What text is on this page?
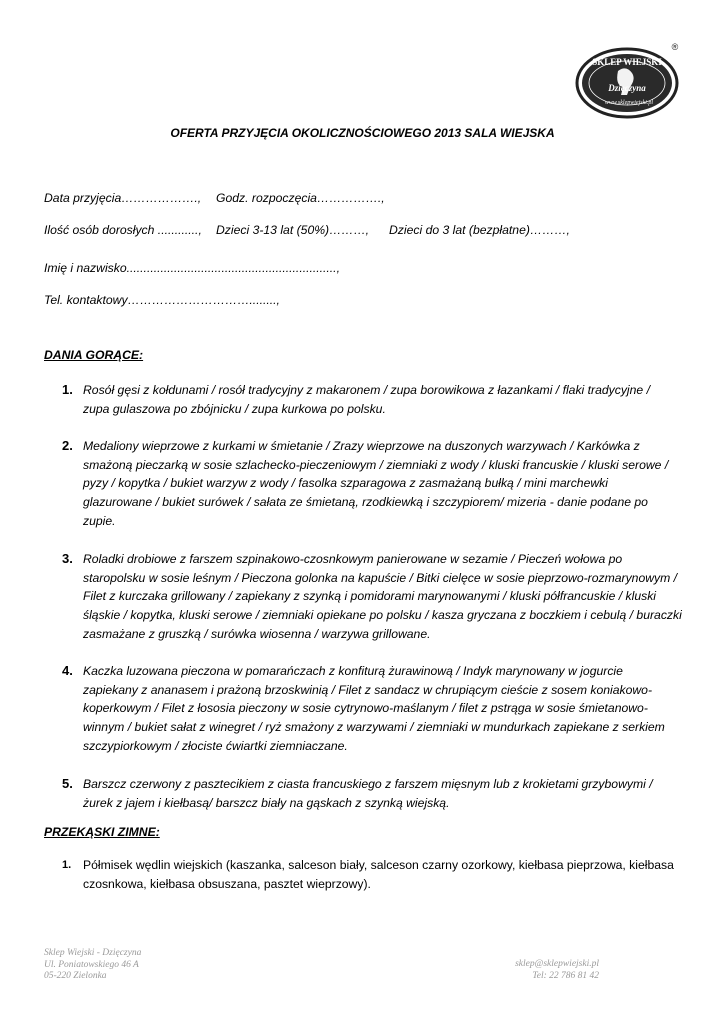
SKLEP WIEJSKI
Dzięczyna
www.sklepwiejski.pl
®
OFERTA PRZYJĘCIA OKOLICZNOŚCIOWEGO 2013 SALA WIEJSKA
Data przyjęcia………………., Godz. rozpoczęcia…………….,
Ilość osób dorosłych ............, Dzieci 3-13 lat (50%)………, Dzieci do 3 lat (bezpłatne)………,
Imię i nazwisko..............................................................,
Tel. kontaktowy…………………………........,
DANIA GORĄCE:
1. Rosół gęsi z kołdunami / rosół tradycyjny z makaronem / zupa borowikowa z łazankami / flaki tradycyjne /
zupa gulaszowa po zbójnicku / zupa kurkowa po polsku.
2. Medaliony wieprzowe z kurkami w śmietanie / Zrazy wieprzowe na duszonych warzywach / Karkówka z
smażoną pieczarką w sosie szlachecko-pieczeniowym / ziemniaki z wody / kluski francuskie / kluski serowe /
pyzy / kopytka / bukiet warzyw z wody / fasolka szparagowa z zasmażaną bułką / mini marchewki
glazurowane / bukiet surówek / sałata ze śmietaną, rzodkiewką i szczypiorem/ mizeria - danie podane po
zupie.
3. Roladki drobiowe z farszem szpinakowo-czosnkowym panierowane w sezamie / Pieczeń wołowa po
staropolsku w sosie leśnym / Pieczona golonka na kapuście / Bitki cielęce w sosie pieprzowo-rozmarynowym /
Filet z kurczaka grillowany / zapiekany z szynką i pomidorami marynowanymi / kluski półfrancuskie / kluski
śląskie / kopytka, kluski serowe / ziemniaki opiekane po polsku / kasza gryczana z boczkiem i cebulą / buraczki
zasmażane z gruszką / surówka wiosenna / warzywa grillowane.
4. Kaczka luzowana pieczona w pomarańczach z konfiturą żurawinową / Indyk marynowany w jogurcie
zapiekany z ananasem i prażoną brzoskwinią / Filet z sandacz w chrupiącym cieście z sosem koniakowo-
koperkowym / Filet z łososia pieczony w sosie cytrynowo-maślanym / filet z pstrąga w sosie śmietanowo-
winnym / bukiet sałat z winegret / ryż smażony z warzywami / ziemniaki w mundurkach zapiekane z serkiem
szczypiorkowym / złociste ćwiartki ziemniaczane.
5. Barszcz czerwony z pasztecikiem z ciasta francuskiego z farszem mięsnym lub z krokietami grzybowymi /
żurek z jajem i kiełbasą/ barszcz biały na gąskach z szynką wiejską.
PRZEKĄSKI ZIMNE:
1. Półmisek wędlin wiejskich (kaszanka, salceson biały, salceson czarny ozorkowy, kiełbasa pieprzowa, kiełbasa
czosnkowa, kiełbasa obsuszana, pasztet wieprzowy).
Sklep Wiejski - Dzięczyna
Ul. Poniatowskiego 46 A
05-220 Zielonka
sklep@sklepwiejski.pl
Tel: 22 786 81 42
